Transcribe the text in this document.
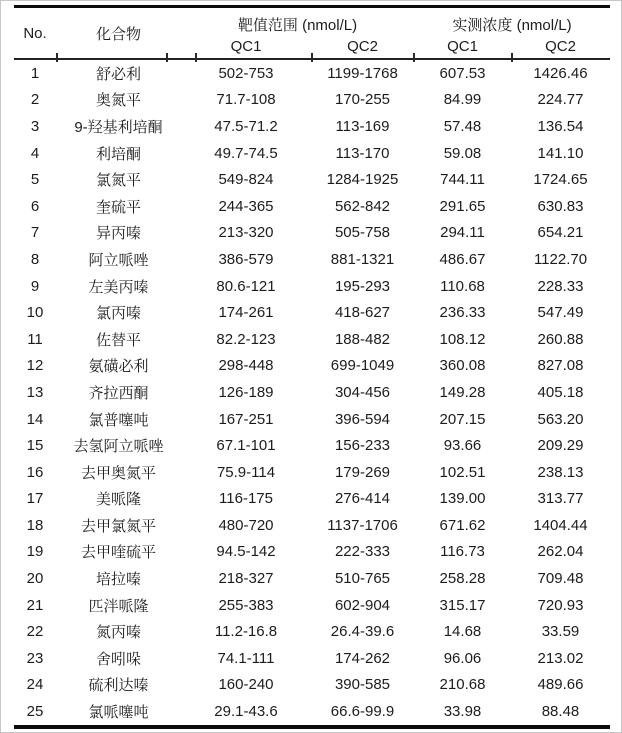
No.	化合物	靶值范围 (nmol/L)		实测浓度 (nmol/L)	
		QC1	QC2	QC1	QC2
1	舒必利	502-753	1199-1768	607.53	1426.46
2	奥氮平	71.7-108	170-255	84.99	224.77
3	9-羟基利培酮	47.5-71.2	113-169	57.48	136.54
4	利培酮	49.7-74.5	113-170	59.08	141.10
5	氯氮平	549-824	1284-1925	744.11	1724.65
6	奎硫平	244-365	562-842	291.65	630.83
7	异丙嗪	213-320	505-758	294.11	654.21
8	阿立哌唑	386-579	881-1321	486.67	1122.70
9	左美丙嗪	80.6-121	195-293	110.68	228.33
10	氯丙嗪	174-261	418-627	236.33	547.49
11	佐替平	82.2-123	188-482	108.12	260.88
12	氨磺必利	298-448	699-1049	360.08	827.08
13	齐拉西酮	126-189	304-456	149.28	405.18
14	氯普噻吨	167-251	396-594	207.15	563.20
15	去氢阿立哌唑	67.1-101	156-233	93.66	209.29
16	去甲奥氮平	75.9-114	179-269	102.51	238.13
17	美哌隆	116-175	276-414	139.00	313.77
18	去甲氯氮平	480-720	1137-1706	671.62	1404.44
19	去甲喹硫平	94.5-142	222-333	116.73	262.04
20	培拉嗪	218-327	510-765	258.28	709.48
21	匹泮哌隆	255-383	602-904	315.17	720.93
22	氮丙嗪	11.2-16.8	26.4-39.6	14.68	33.59
23	舍吲哚	74.1-111	174-262	96.06	213.02
24	硫利达嗪	160-240	390-585	210.68	489.66
25	氯哌噻吨	29.1-43.6	66.6-99.9	33.98	88.48
